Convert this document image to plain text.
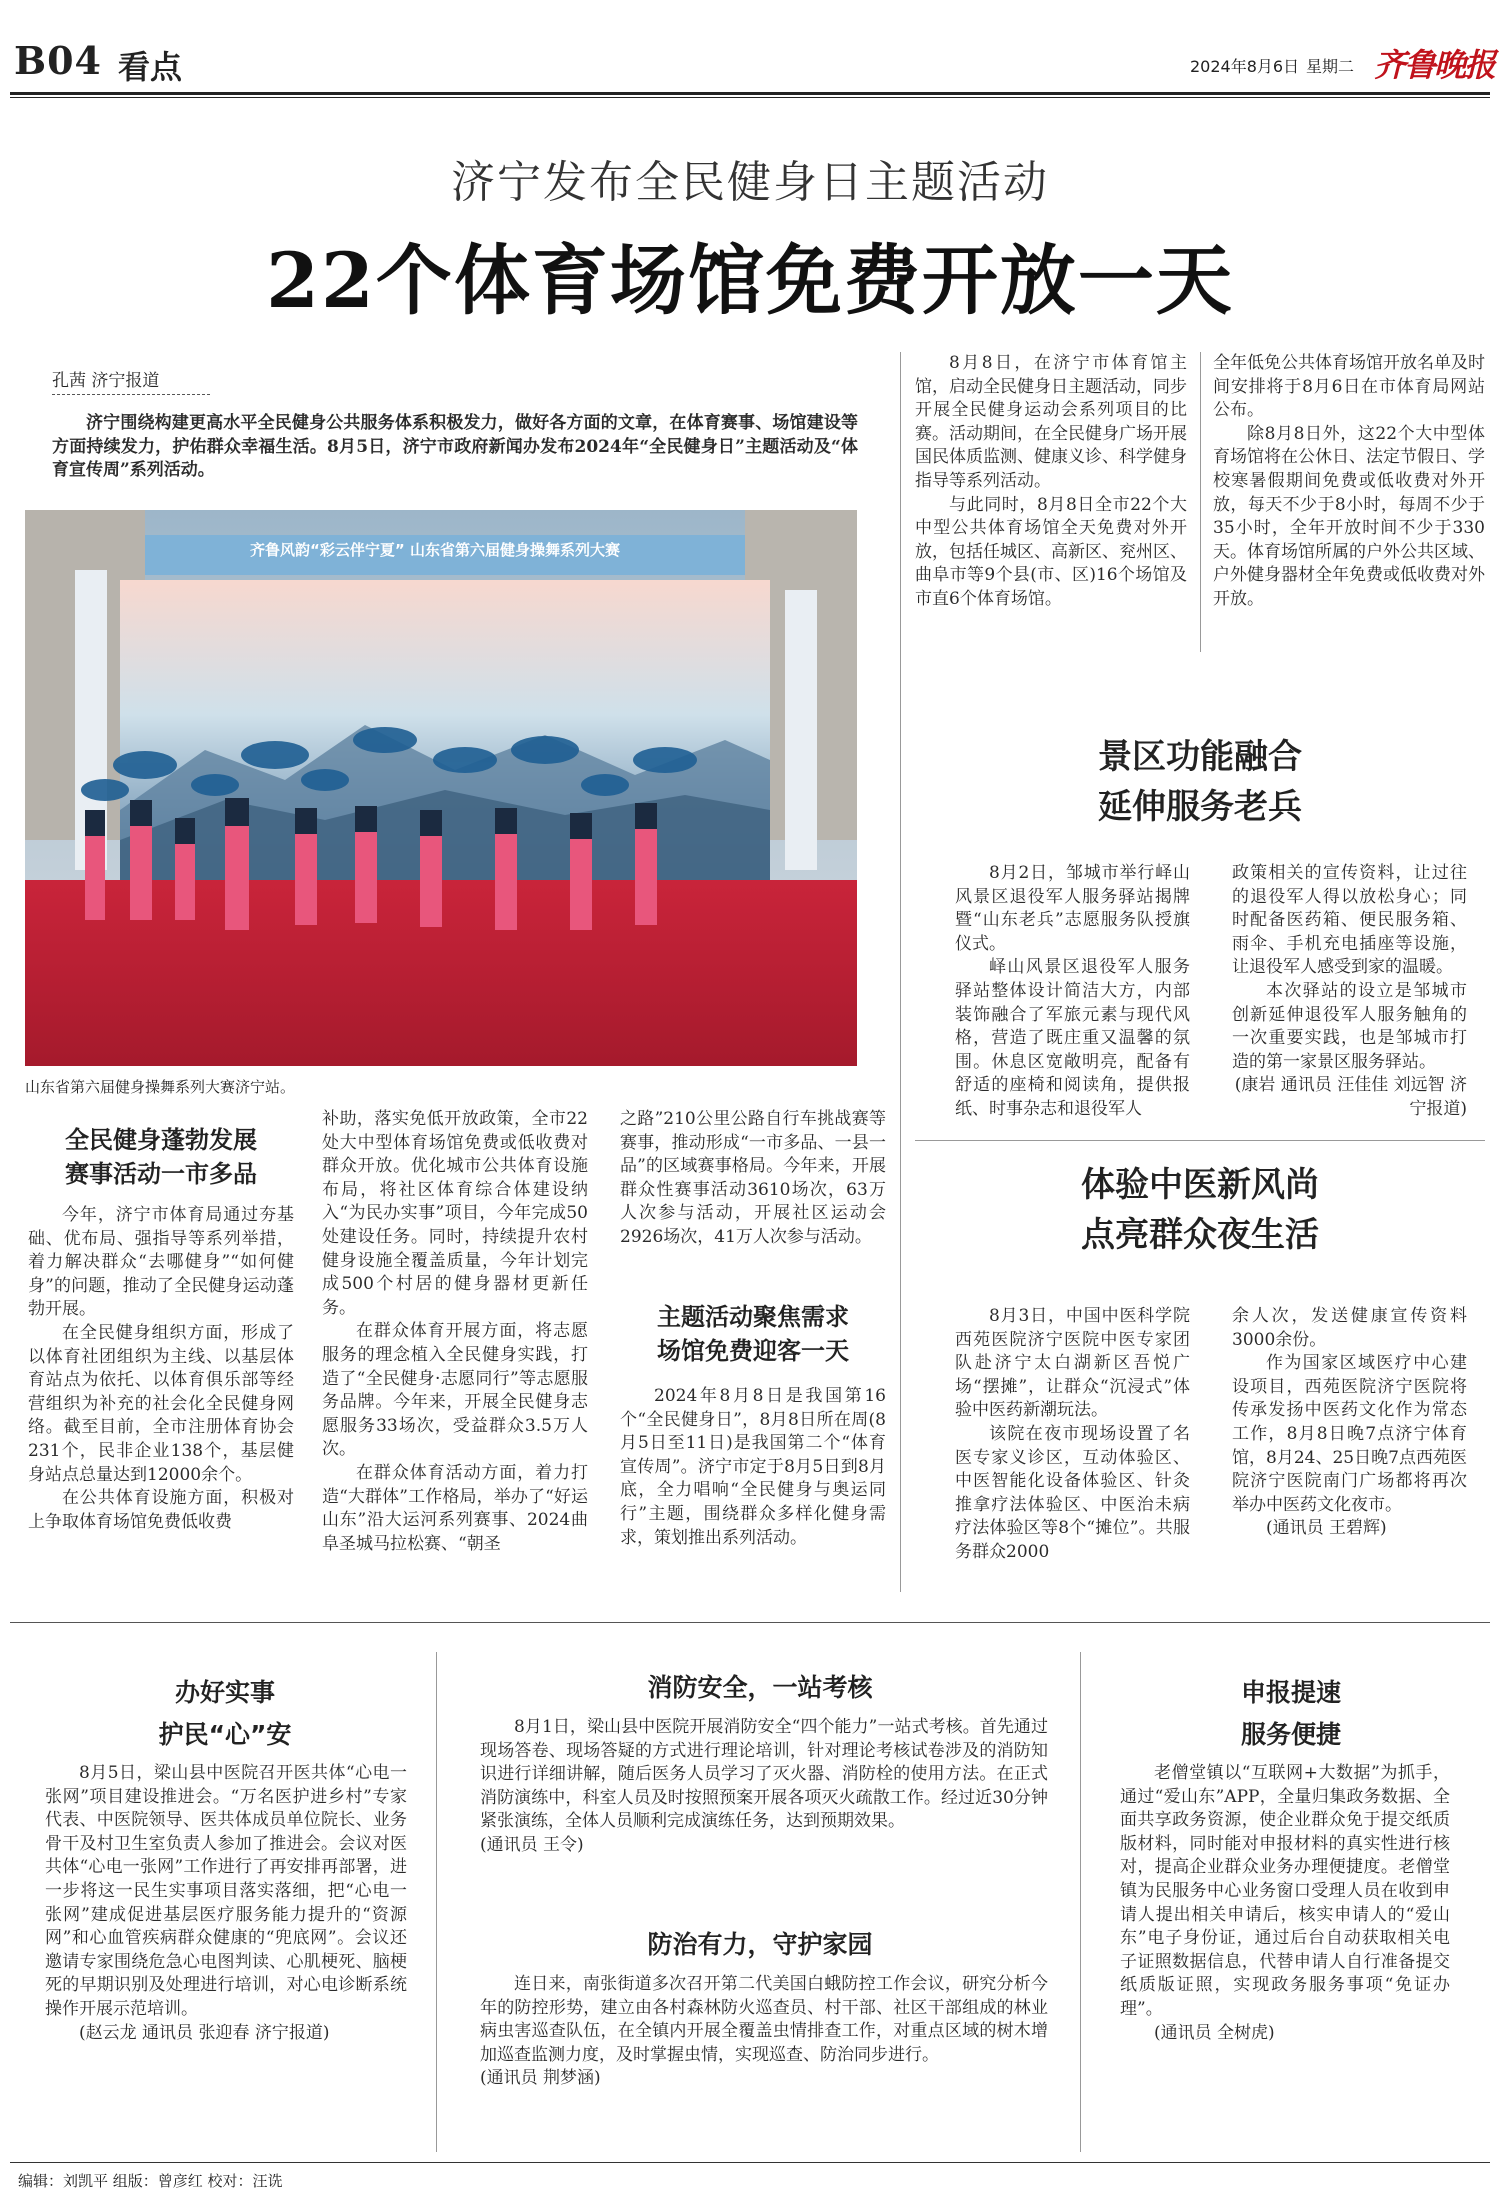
B04 看点	2024年8月6日 星期二 齐鲁晚报
济宁发布全民健身日主题活动
22个体育场馆免费开放一天
孔茜 济宁报道

济宁围绕构建更高水平全民健身公共服务体系积极发力，做好各方面的文章，在体育赛事、场馆建设等方面持续发力，护佑群众幸福生活。8月5日，济宁市政府新闻办发布2024年“全民健身日”主题活动及“体育宣传周”系列活动。

齐鲁风韵“彩云伴宁夏” 山东省第六届健身操舞系列大赛
山东省第六届健身操舞系列大赛济宁站。

8月8日，在济宁市体育馆主馆，启动全民健身日主题活动，同步开展全民健身运动会系列项目的比赛。活动期间，在全民健身广场开展国民体质监测、健康义诊、科学健身指导等系列活动。

与此同时，8月8日全市22个大中型公共体育场馆全天免费对外开放，包括任城区、高新区、兖州区、曲阜市等9个县(市、区)16个场馆及市直6个体育场馆。

全年低免公共体育场馆开放名单及时间安排将于8月6日在市体育局网站公布。

除8月8日外，这22个大中型体育场馆将在公休日、法定节假日、学校寒暑假期间免费或低收费对外开放，每天不少于8小时，每周不少于35小时，全年开放时间不少于330天。体育场馆所属的户外公共区域、户外健身器材全年免费或低收费对外开放。

全民健身蓬勃发展
赛事活动一市多品

今年，济宁市体育局通过夯基础、优布局、强指导等系列举措，着力解决群众“去哪健身”“如何健身”的问题，推动了全民健身运动蓬勃开展。

在全民健身组织方面，形成了以体育社团组织为主线、以基层体育站点为依托、以体育俱乐部等经营组织为补充的社会化全民健身网络。截至目前，全市注册体育协会231个，民非企业138个，基层健身站点总量达到12000余个。

在公共体育设施方面，积极对上争取体育场馆免费低收费

补助，落实免低开放政策，全市22处大中型体育场馆免费或低收费对群众开放。优化城市公共体育设施布局，将社区体育综合体建设纳入“为民办实事”项目，今年完成50处建设任务。同时，持续提升农村健身设施全覆盖质量，今年计划完成500个村居的健身器材更新任务。

在群众体育开展方面，将志愿服务的理念植入全民健身实践，打造了“全民健身·志愿同行”等志愿服务品牌。今年来，开展全民健身志愿服务33场次，受益群众3.5万人次。

在群众体育活动方面，着力打造“大群体”工作格局，举办了“好运山东”沿大运河系列赛事、2024曲阜圣城马拉松赛、“朝圣

之路”210公里公路自行车挑战赛等赛事，推动形成“一市多品、一县一品”的区域赛事格局。今年来，开展群众性赛事活动3610场次，63万人次参与活动，开展社区运动会2926场次，41万人次参与活动。

主题活动聚焦需求
场馆免费迎客一天

2024年8月8日是我国第16个“全民健身日”，8月8日所在周(8月5日至11日)是我国第二个“体育宣传周”。济宁市定于8月5日到8月底，全力唱响“全民健身与奥运同行”主题，围绕群众多样化健身需求，策划推出系列活动。

景区功能融合
延伸服务老兵

8月2日，邹城市举行峄山风景区退役军人服务驿站揭牌暨“山东老兵”志愿服务队授旗仪式。

峄山风景区退役军人服务驿站整体设计简洁大方，内部装饰融合了军旅元素与现代风格，营造了既庄重又温馨的氛围。休息区宽敞明亮，配备有舒适的座椅和阅读角，提供报纸、时事杂志和退役军人

政策相关的宣传资料，让过往的退役军人得以放松身心；同时配备医药箱、便民服务箱、雨伞、手机充电插座等设施，让退役军人感受到家的温暖。

本次驿站的设立是邹城市创新延伸退役军人服务触角的一次重要实践，也是邹城市打造的第一家景区服务驿站。

(康岩 通讯员 汪佳佳 刘远智 济宁报道)

体验中医新风尚
点亮群众夜生活

8月3日，中国中医科学院西苑医院济宁医院中医专家团队赴济宁太白湖新区吾悦广场“摆摊”，让群众“沉浸式”体验中医药新潮玩法。

该院在夜市现场设置了名医专家义诊区，互动体验区、中医智能化设备体验区、针灸推拿疗法体验区、中医治未病疗法体验区等8个“摊位”。共服务群众2000

余人次，发送健康宣传资料3000余份。

作为国家区域医疗中心建设项目，西苑医院济宁医院将传承发扬中医药文化作为常态工作，8月8日晚7点济宁体育馆，8月24、25日晚7点西苑医院济宁医院南门广场都将再次举办中医药文化夜市。

(通讯员 王碧辉)

办好实事
护民“心”安

8月5日，梁山县中医院召开医共体“心电一张网”项目建设推进会。“万名医护进乡村”专家代表、中医院领导、医共体成员单位院长、业务骨干及村卫生室负责人参加了推进会。会议对医共体“心电一张网”工作进行了再安排再部署，进一步将这一民生实事项目落实落细，把“心电一张网”建成促进基层医疗服务能力提升的“资源网”和心血管疾病群众健康的“兜底网”。会议还邀请专家围绕危急心电图判读、心肌梗死、脑梗死的早期识别及处理进行培训，对心电诊断系统操作开展示范培训。

(赵云龙 通讯员 张迎春 济宁报道)

消防安全，一站考核

8月1日，梁山县中医院开展消防安全“四个能力”一站式考核。首先通过现场答卷、现场答疑的方式进行理论培训，针对理论考核试卷涉及的消防知识进行详细讲解，随后医务人员学习了灭火器、消防栓的使用方法。在正式消防演练中，科室人员及时按照预案开展各项灭火疏散工作。经过近30分钟紧张演练，全体人员顺利完成演练任务，达到预期效果。

(通讯员 王令)

防治有力，守护家园

连日来，南张街道多次召开第二代美国白蛾防控工作会议，研究分析今年的防控形势，建立由各村森林防火巡查员、村干部、社区干部组成的林业病虫害巡查队伍，在全镇内开展全覆盖虫情排查工作，对重点区域的树木增加巡查监测力度，及时掌握虫情，实现巡查、防治同步进行。

(通讯员 荆梦涵)

申报提速
服务便捷

老僧堂镇以“互联网+大数据”为抓手，通过“爱山东”APP，全量归集政务数据、全面共享政务资源，使企业群众免于提交纸质版材料，同时能对申报材料的真实性进行核对，提高企业群众业务办理便捷度。老僧堂镇为民服务中心业务窗口受理人员在收到申请人提出相关申请后，核实申请人的“爱山东”电子身份证，通过后台自动获取相关电子证照数据信息，代替申请人自行准备提交纸质版证照，实现政务服务事项“免证办理”。

(通讯员 全树虎)

编辑：刘凯平 组版：曾彦红 校对：汪诜
